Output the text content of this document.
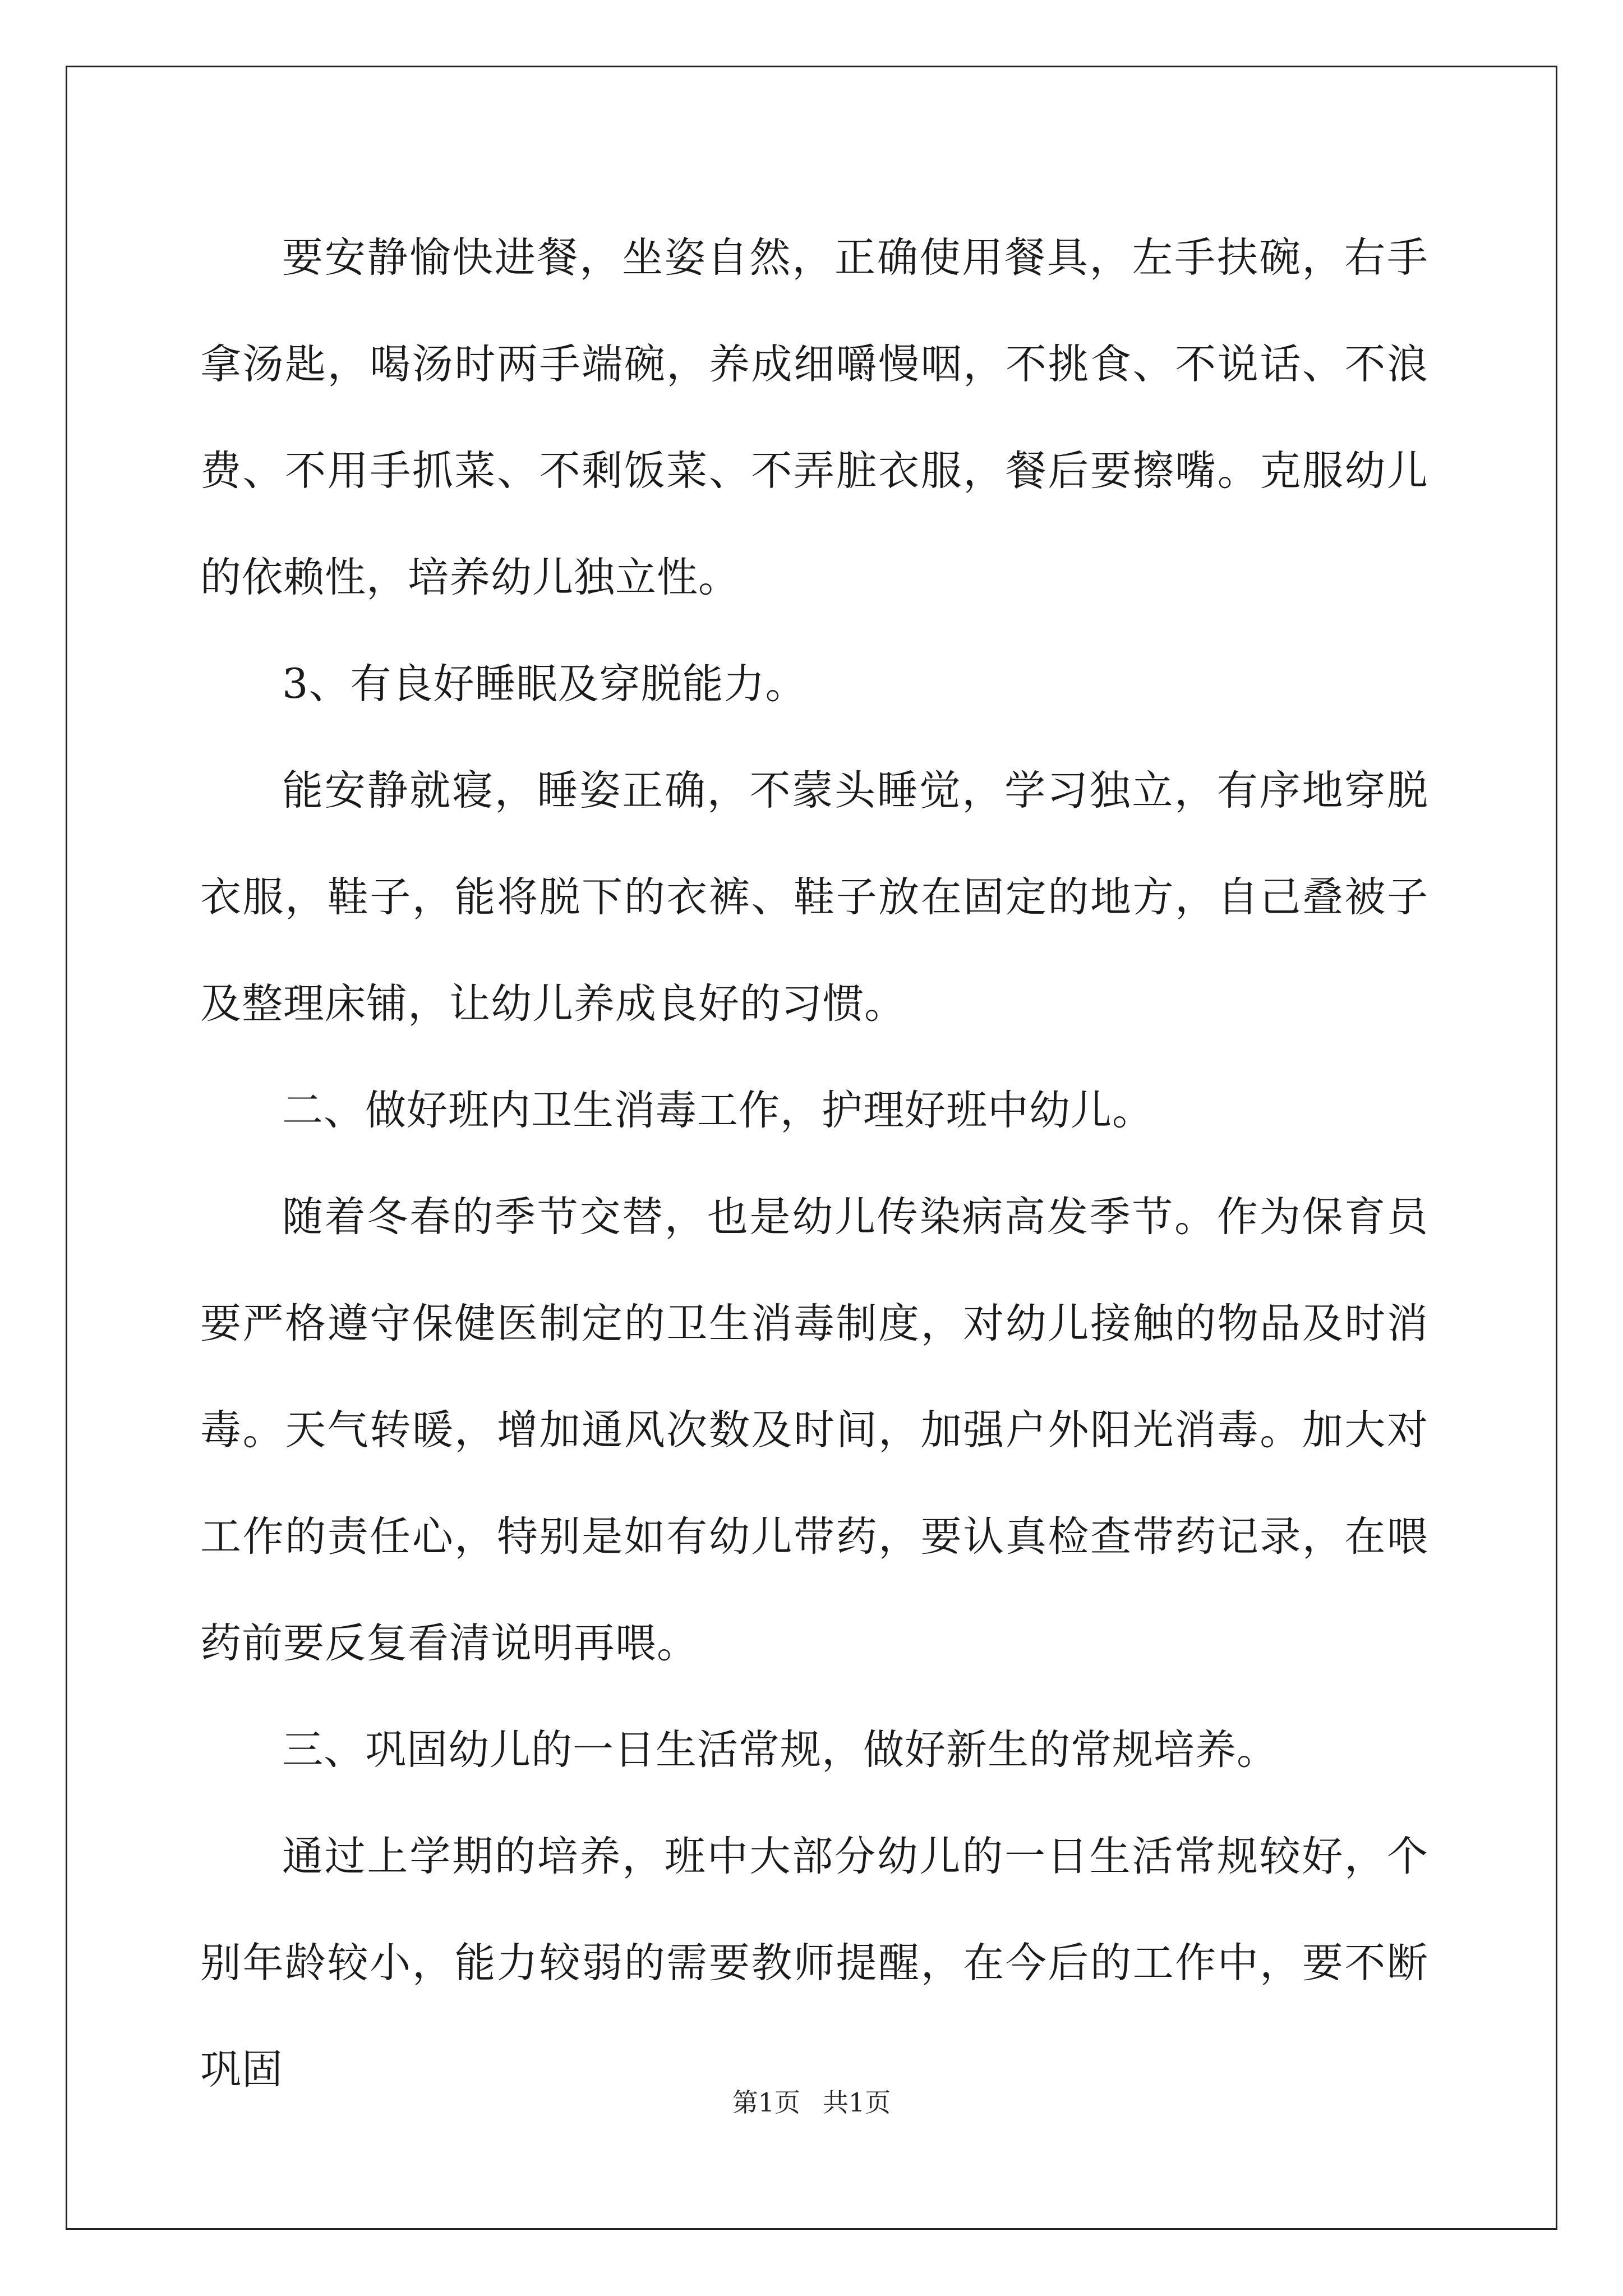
要安静愉快进餐，坐姿自然，正确使用餐具，左手扶碗，右手拿汤匙，喝汤时两手端碗，养成细嚼慢咽，不挑食、不说话、不浪费、不用手抓菜、不剩饭菜、不弄脏衣服，餐后要擦嘴。克服幼儿的依赖性，培养幼儿独立性。

3、有良好睡眠及穿脱能力。

能安静就寝，睡姿正确，不蒙头睡觉，学习独立，有序地穿脱衣服，鞋子，能将脱下的衣裤、鞋子放在固定的地方，自己叠被子及整理床铺，让幼儿养成良好的习惯。

二、做好班内卫生消毒工作，护理好班中幼儿。

随着冬春的季节交替，也是幼儿传染病高发季节。作为保育员要严格遵守保健医制定的卫生消毒制度，对幼儿接触的物品及时消毒。天气转暖，增加通风次数及时间，加强户外阳光消毒。加大对工作的责任心，特别是如有幼儿带药，要认真检查带药记录，在喂药前要反复看清说明再喂。

三、巩固幼儿的一日生活常规，做好新生的常规培养。

通过上学期的培养，班中大部分幼儿的一日生活常规较好，个别年龄较小，能力较弱的需要教师提醒，在今后的工作中，要不断巩固

第1页 共1页
